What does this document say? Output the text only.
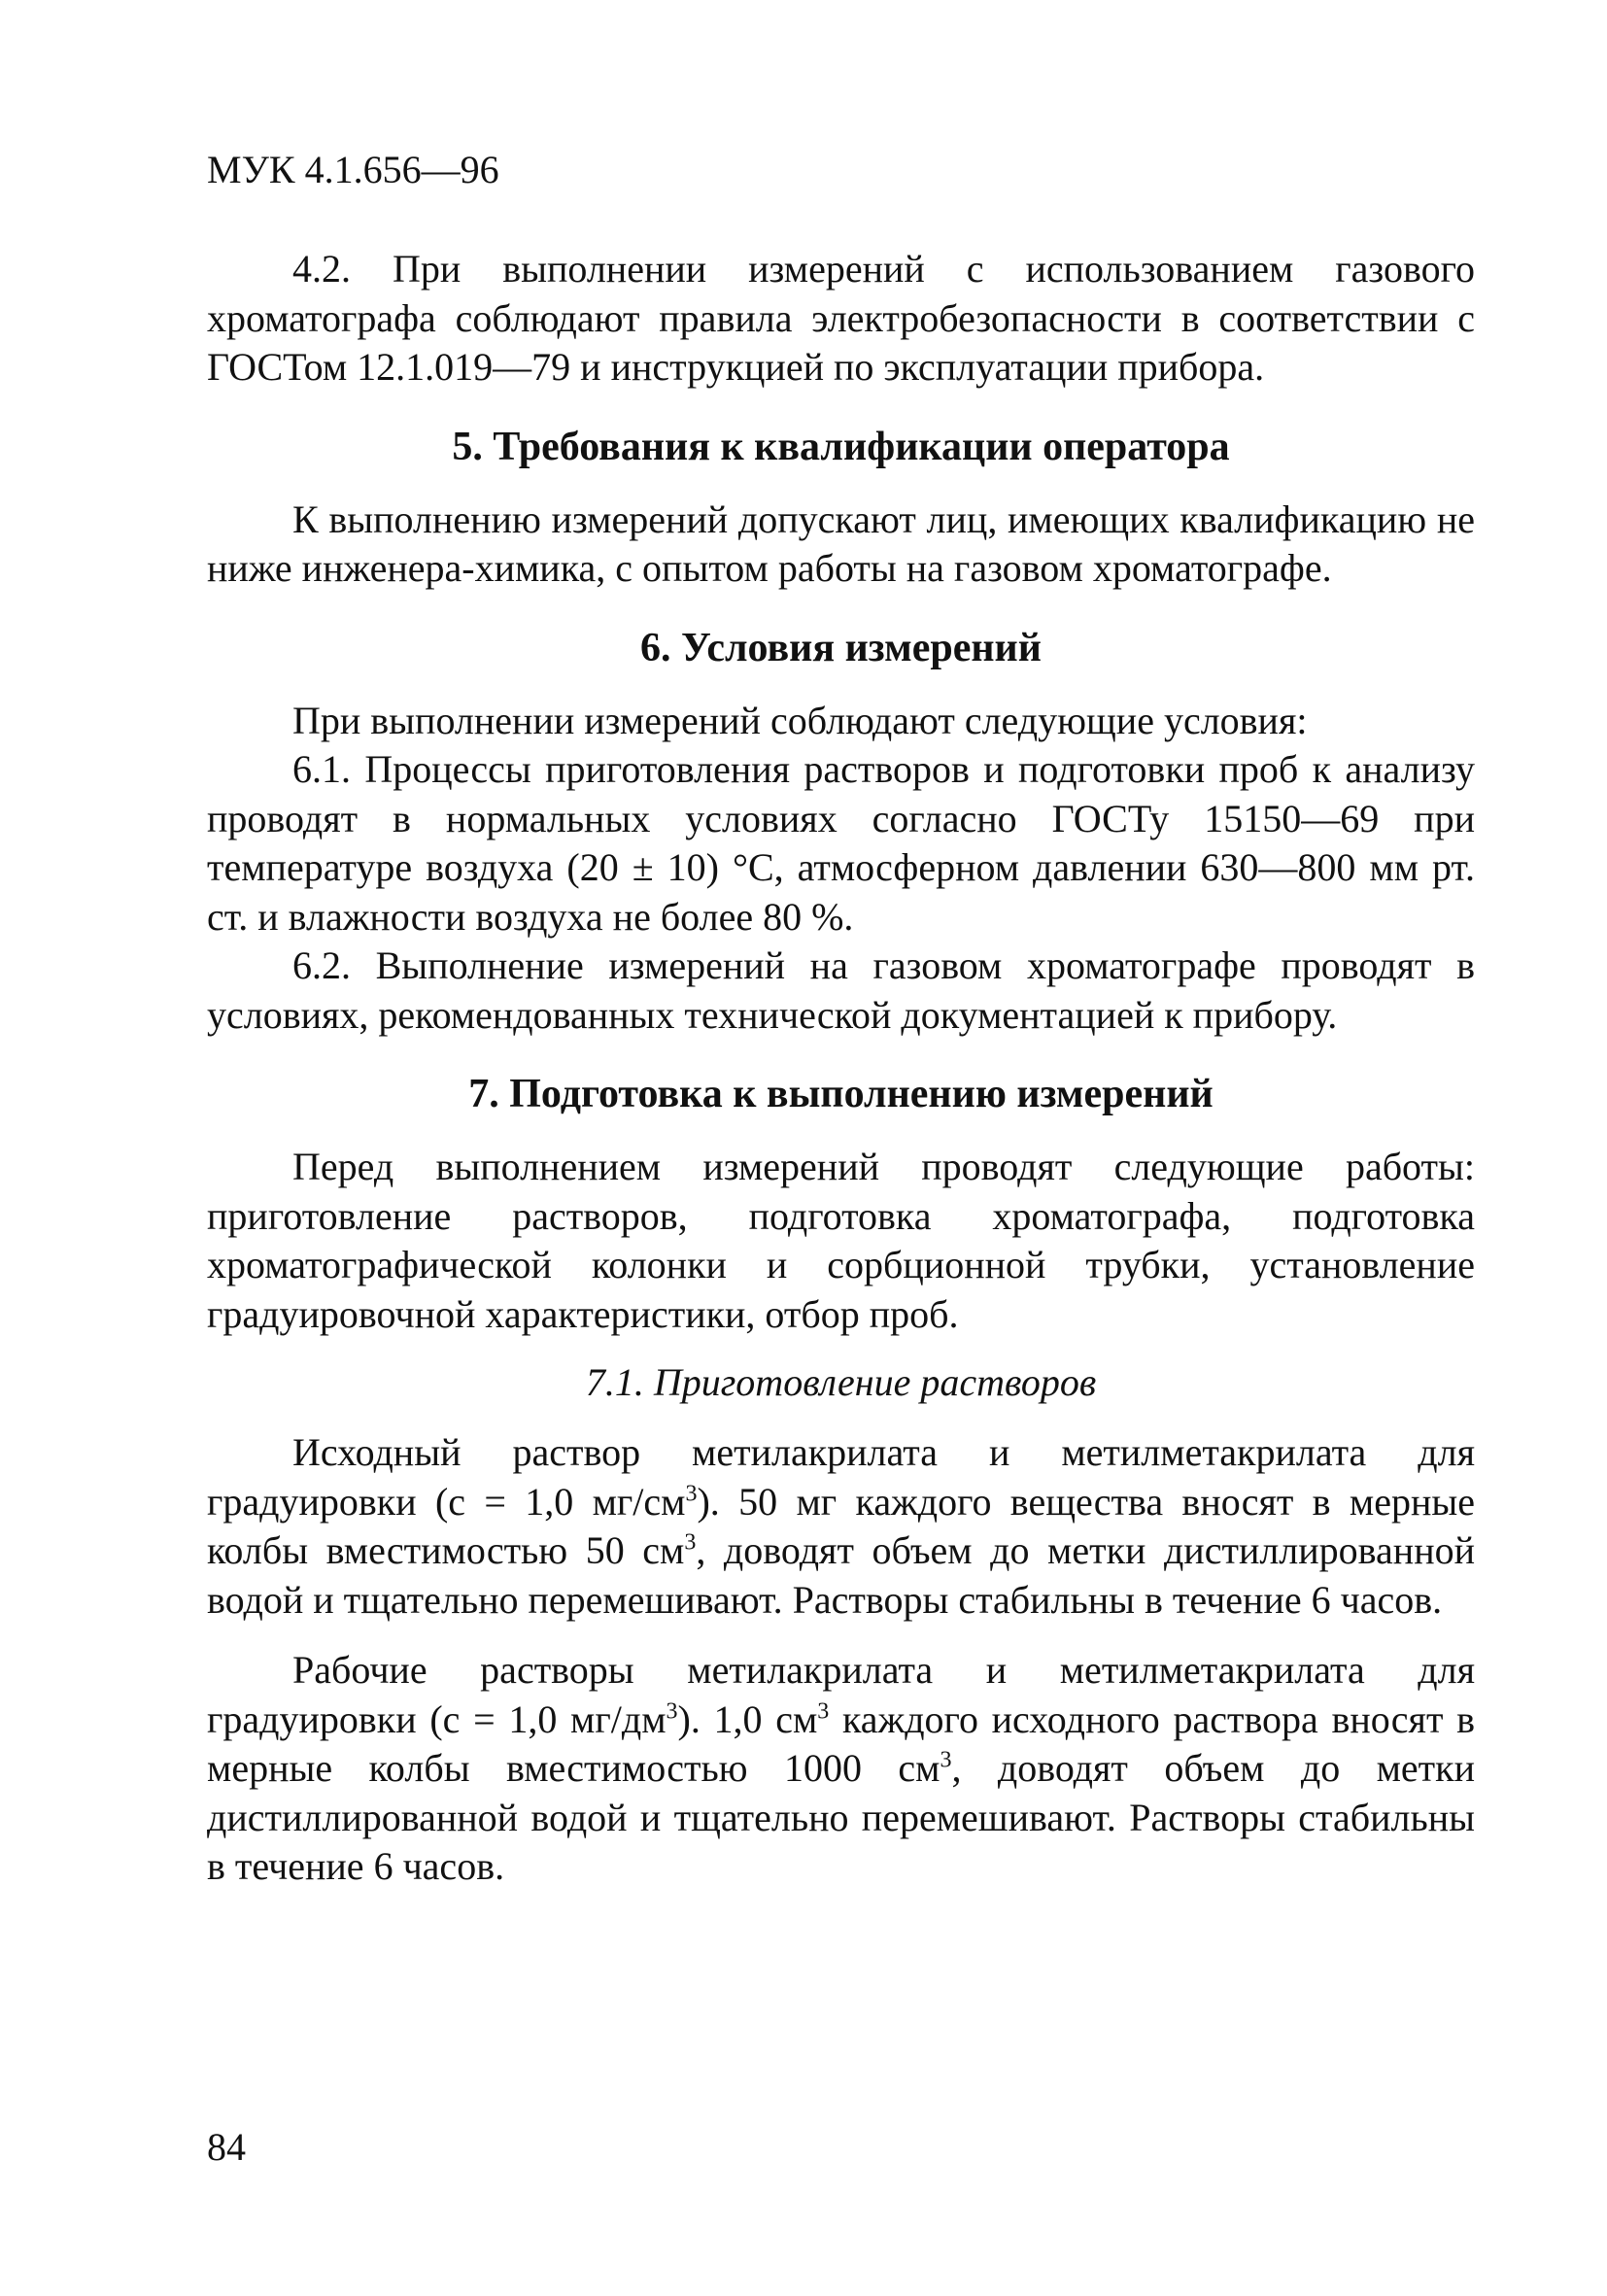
МУК 4.1.656—96

4.2. При выполнении измерений с использованием газового хроматографа соблюдают правила электробезопасности в соответствии с ГОСТом 12.1.019—79 и инструкцией по эксплуатации прибора.

5. Требования к квалификации оператора

К выполнению измерений допускают лиц, имеющих квалификацию не ниже инженера-химика, с опытом работы на газовом хроматографе.

6. Условия измерений

При выполнении измерений соблюдают следующие условия:

6.1. Процессы приготовления растворов и подготовки проб к анализу проводят в нормальных условиях согласно ГОСТу 15150—69 при температуре воздуха (20 ± 10) °С, атмосферном давлении 630—800 мм рт. ст. и влажности воздуха не более 80 %.

6.2. Выполнение измерений на газовом хроматографе проводят в условиях, рекомендованных технической документацией к прибору.

7. Подготовка к выполнению измерений

Перед выполнением измерений проводят следующие работы: приготовление растворов, подготовка хроматографа, подготовка хроматографической колонки и сорбционной трубки, установление градуировочной характеристики, отбор проб.

7.1. Приготовление растворов

Исходный раствор метилакрилата и метилметакрилата для градуировки (с = 1,0 $мг/см^3$). 50 мг каждого вещества вносят в мерные колбы вместимостью 50 $см^3$, доводят объем до метки дистиллированной водой и тщательно перемешивают. Растворы стабильны в течение 6 часов.

Рабочие растворы метилакрилата и метилметакрилата для градуировки (с = 1,0 $мг/дм^3$). 1,0 $см^3$ каждого исходного раствора вносят в мерные колбы вместимостью 1000 $см^3$, доводят объем до метки дистиллированной водой и тщательно перемешивают. Растворы стабильны в течение 6 часов.

84
